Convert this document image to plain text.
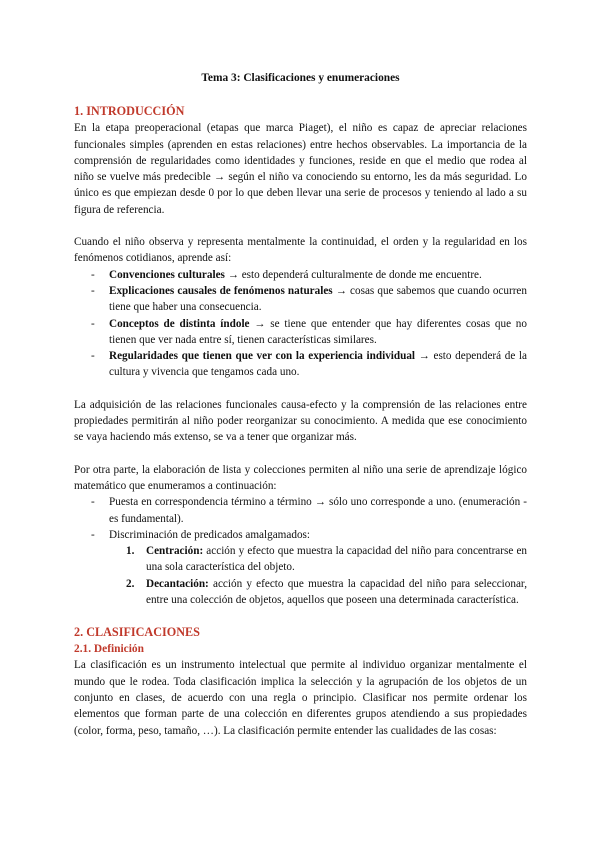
Tema 3: Clasificaciones y enumeraciones
1. INTRODUCCIÓN

En la etapa preoperacional (etapas que marca Piaget), el niño es capaz de apreciar relaciones funcionales simples (aprenden en estas relaciones) entre hechos observables. La importancia de la comprensión de regularidades como identidades y funciones, reside en que el medio que rodea al niño se vuelve más predecible → según el niño va conociendo su entorno, les da más seguridad. Lo único es que empiezan desde 0 por lo que deben llevar una serie de procesos y teniendo al lado a su figura de referencia.

Cuando el niño observa y representa mentalmente la continuidad, el orden y la regularidad en los fenómenos cotidianos, aprende así:

- Convenciones culturales → esto dependerá culturalmente de donde me encuentre.
- Explicaciones causales de fenómenos naturales → cosas que sabemos que cuando ocurren tiene que haber una consecuencia.
- Conceptos de distinta índole → se tiene que entender que hay diferentes cosas que no tienen que ver nada entre sí, tienen características similares.
- Regularidades que tienen que ver con la experiencia individual → esto dependerá de la cultura y vivencia que tengamos cada uno.

La adquisición de las relaciones funcionales causa-efecto y la comprensión de las relaciones entre propiedades permitirán al niño poder reorganizar su conocimiento. A medida que ese conocimiento se vaya haciendo más extenso, se va a tener que organizar más.

Por otra parte, la elaboración de lista y colecciones permiten al niño una serie de aprendizaje lógico matemático que enumeramos a continuación:

- Puesta en correspondencia término a término → sólo uno corresponde a uno. (enumeración - es fundamental).
- Discriminación de predicados amalgamados:
1. Centración: acción y efecto que muestra la capacidad del niño para concentrarse en una sola característica del objeto.
2. Decantación: acción y efecto que muestra la capacidad del niño para seleccionar, entre una colección de objetos, aquellos que poseen una determinada característica.
2. CLASIFICACIONES
2.1. Definición

La clasificación es un instrumento intelectual que permite al individuo organizar mentalmente el mundo que le rodea. Toda clasificación implica la selección y la agrupación de los objetos de un conjunto en clases, de acuerdo con una regla o principio. Clasificar nos permite ordenar los elementos que forman parte de una colección en diferentes grupos atendiendo a sus propiedades (color, forma, peso, tamaño, …). La clasificación permite entender las cualidades de las cosas:
